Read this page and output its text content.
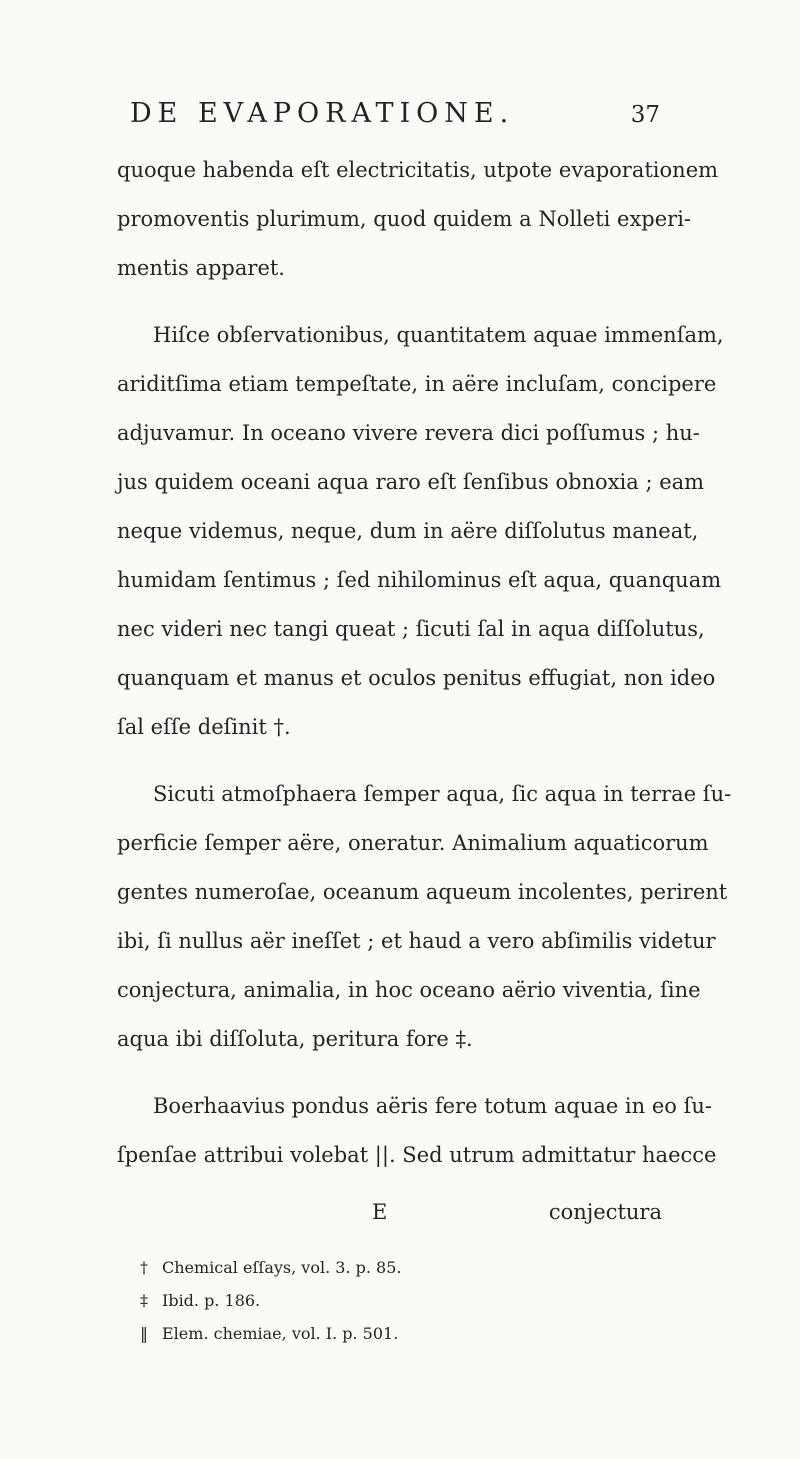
DE EVAPORATIONE.	37

quoque habenda eſt electricitatis, utpote evaporationem
promoventis plurimum, quod quidem a Nolleti experi-
mentis apparet.

Hiſce obſervationibus, quantitatem aquae immenſam,
ariditſima etiam tempeſtate, in aëre incluſam, concipere
adjuvamur. In oceano vivere revera dici poſſumus ; hu-
jus quidem oceani aqua raro eſt ſenſibus obnoxia ; eam
neque videmus, neque, dum in aëre diſſolutus maneat,
humidam ſentimus ; ſed nihilominus eſt aqua, quanquam
nec videri nec tangi queat ; ſicuti ſal in aqua diſſolutus,
quanquam et manus et oculos penitus effugiat, non ideo
ſal eſſe deſinit †.

Sicuti atmoſphaera ſemper aqua, ſic aqua in terrae ſu-
perficie ſemper aëre, oneratur. Animalium aquaticorum
gentes numeroſae, oceanum aqueum incolentes, perirent
ibi, ſi nullus aër ineſſet ; et haud a vero abſimilis videtur
conjectura, animalia, in hoc oceano aërio viventia, ſine
aqua ibi diſſoluta, peritura fore ‡.

Boerhaavius pondus aëris fere totum aquae in eo ſu-
ſpenſae attribui volebat ||. Sed utrum admittatur haecce

E	conjectura
† Chemical eſſays, vol. 3. p. 85.
‡ Ibid. p. 186.
‖ Elem. chemiae, vol. I. p. 501.
